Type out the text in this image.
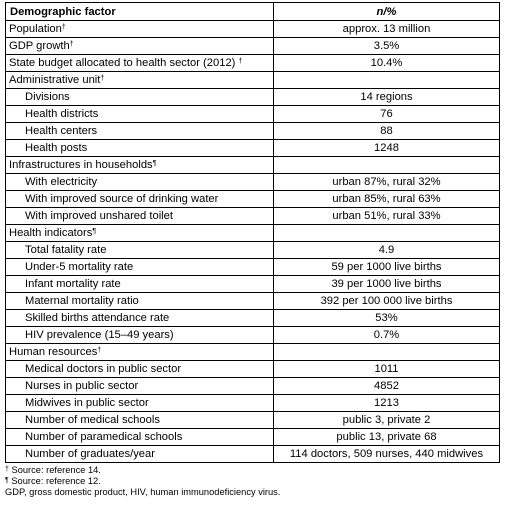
Demographic factor	n/%
Population†	approx. 13 million
GDP growth†	3.5%
State budget allocated to health sector (2012) †	10.4%
Administrative unit†	
Divisions	14 regions
Health districts	76
Health centers	88
Health posts	1248
Infrastructures in households¶	
With electricity	urban 87%, rural 32%
With improved source of drinking water	urban 85%, rural 63%
With improved unshared toilet	urban 51%, rural 33%
Health indicators¶	
Total fatality rate	4.9
Under-5 mortality rate	59 per 1000 live births
Infant mortality rate	39 per 1000 live births
Maternal mortality ratio	392 per 100 000 live births
Skilled births attendance rate	53%
HIV prevalence (15–49 years)	0.7%
Human resources†	
Medical doctors in public sector	1011
Nurses in public sector	4852
Midwives in public sector	1213
Number of medical schools	public 3, private 2
Number of paramedical schools	public 13, private 68
Number of graduates/year	114 doctors, 509 nurses, 440 midwives
† Source: reference 14.
¶ Source: reference 12.
GDP, gross domestic product, HIV, human immunodeficiency virus.
